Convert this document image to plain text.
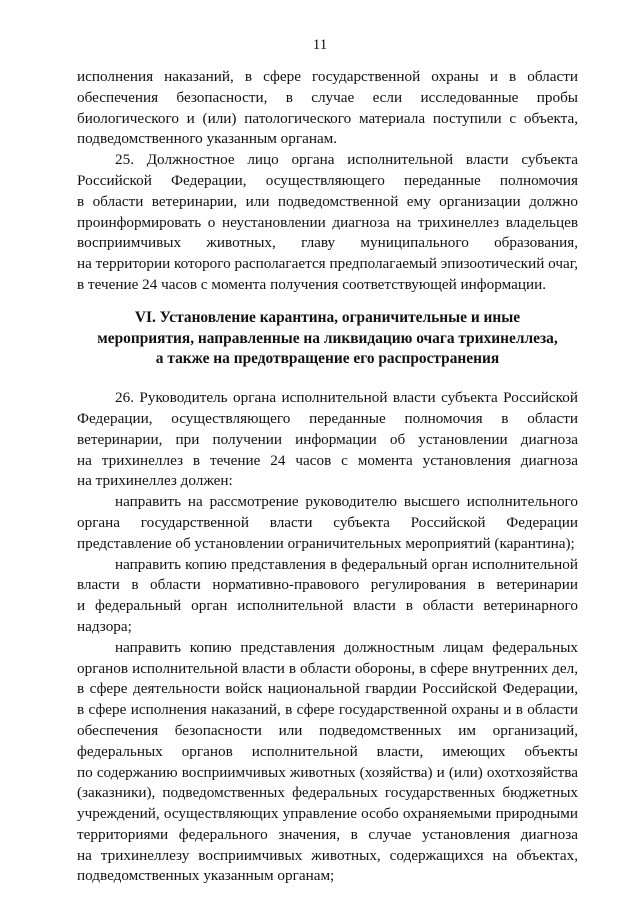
11
исполнения наказаний, в сфере государственной охраны и в области
обеспечения безопасности, в случае если исследованные пробы
биологического и (или) патологического материала поступили с объекта,
подведомственного указанным органам.
25. Должностное лицо органа исполнительной власти субъекта
Российской Федерации, осуществляющего переданные полномочия
в области ветеринарии, или подведомственной ему организации должно
проинформировать о неустановлении диагноза на трихинеллез владельцев
восприимчивых животных, главу муниципального образования,
на территории которого располагается предполагаемый эпизоотический очаг,
в течение 24 часов с момента получения соответствующей информации.
VI. Установление карантина, ограничительные и иные
мероприятия, направленные на ликвидацию очага трихинеллеза,
а также на предотвращение его распространения
26. Руководитель органа исполнительной власти субъекта Российской
Федерации, осуществляющего переданные полномочия в области
ветеринарии, при получении информации об установлении диагноза
на трихинеллез в течение 24 часов с момента установления диагноза
на трихинеллез должен:
направить на рассмотрение руководителю высшего исполнительного
органа государственной власти субъекта Российской Федерации
представление об установлении ограничительных мероприятий (карантина);
направить копию представления в федеральный орган исполнительной
власти в области нормативно-правового регулирования в ветеринарии
и федеральный орган исполнительной власти в области ветеринарного
надзора;
направить копию представления должностным лицам федеральных
органов исполнительной власти в области обороны, в сфере внутренних дел,
в сфере деятельности войск национальной гвардии Российской Федерации,
в сфере исполнения наказаний, в сфере государственной охраны и в области
обеспечения безопасности или подведомственных им организаций,
федеральных органов исполнительной власти, имеющих объекты
по содержанию восприимчивых животных (хозяйства) и (или) охотхозяйства
(заказники), подведомственных федеральных государственных бюджетных
учреждений, осуществляющих управление особо охраняемыми природными
территориями федерального значения, в случае установления диагноза
на трихинеллезу восприимчивых животных, содержащихся на объектах,
подведомственных указанным органам;
